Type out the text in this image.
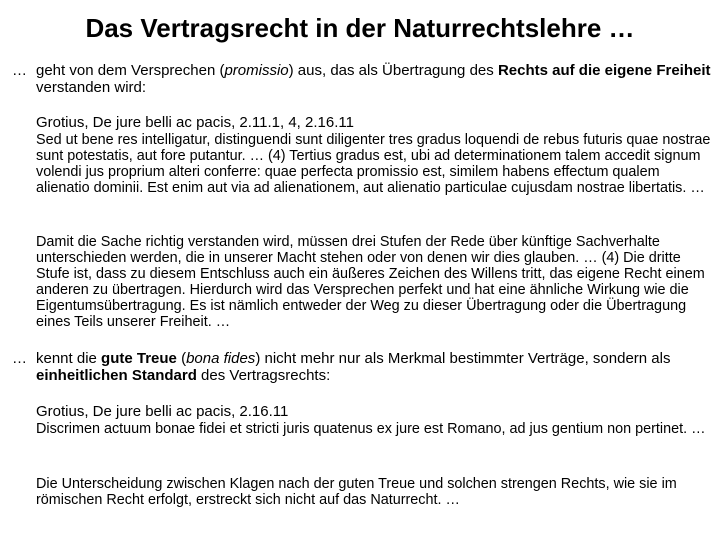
Das Vertragsrecht in der Naturrechtslehre …
… geht von dem Versprechen (promissio) aus, das als Übertragung des Rechts auf die eigene Freiheit verstanden wird:
Grotius, De jure belli ac pacis, 2.11.1, 4, 2.16.11
Sed ut bene res intelligatur, distinguendi sunt diligenter tres gradus loquendi de rebus futuris quae nostrae sunt potestatis, aut fore putantur. … (4) Tertius gradus est, ubi ad determinationem talem accedit signum volendi jus proprium alteri conferre: quae perfecta promissio est, similem habens effectum qualem alienatio dominii. Est enim aut via ad alienationem, aut alienatio particulae cujusdam nostrae libertatis. …
Damit die Sache richtig verstanden wird, müssen drei Stufen der Rede über künftige Sachverhalte unterschieden werden, die in unserer Macht stehen oder von denen wir dies glauben. … (4) Die dritte Stufe ist, dass zu diesem Entschluss auch ein äußeres Zeichen des Willens tritt, das eigene Recht einem anderen zu übertragen. Hierdurch wird das Versprechen perfekt und hat eine ähnliche Wirkung wie die Eigentumsübertragung. Es ist nämlich entweder der Weg zu dieser Übertragung oder die Übertragung eines Teils unserer Freiheit. …
… kennt die gute Treue (bona fides) nicht mehr nur als Merkmal bestimmter Verträge, sondern als einheitlichen Standard des Vertragsrechts:
Grotius, De jure belli ac pacis, 2.16.11
Discrimen actuum bonae fidei et stricti juris quatenus ex jure est Romano, ad jus gentium non pertinet. …
Die Unterscheidung zwischen Klagen nach der guten Treue und solchen strengen Rechts, wie sie im römischen Recht erfolgt, erstreckt sich nicht auf das Naturrecht. …
